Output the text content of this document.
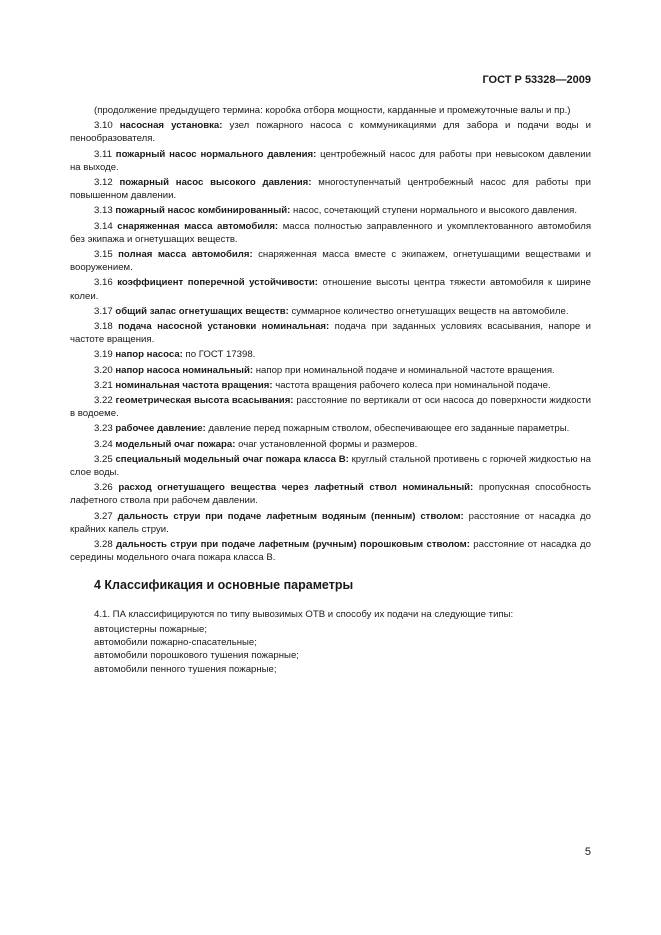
ГОСТ Р 53328—2009

(продолжение предыдущего термина: коробка отбора мощности, карданные и промежуточные валы и пр.)

3.10 насосная установка: узел пожарного насоса с коммуникациями для забора и подачи воды и пенообразователя.

3.11 пожарный насос нормального давления: центробежный насос для работы при невысоком давлении на выходе.

3.12 пожарный насос высокого давления: многоступенчатый центробежный насос для работы при повышенном давлении.

3.13 пожарный насос комбинированный: насос, сочетающий ступени нормального и высокого давления.

3.14 снаряженная масса автомобиля: масса полностью заправленного и укомплектованного автомобиля без экипажа и огнетушащих веществ.

3.15 полная масса автомобиля: снаряженная масса вместе с экипажем, огнетушащими веществами и вооружением.

3.16 коэффициент поперечной устойчивости: отношение высоты центра тяжести автомобиля к ширине колеи.

3.17 общий запас огнетушащих веществ: суммарное количество огнетушащих веществ на автомобиле.

3.18 подача насосной установки номинальная: подача при заданных условиях всасывания, напоре и частоте вращения.

3.19 напор насоса: по ГОСТ 17398.

3.20 напор насоса номинальный: напор при номинальной подаче и номинальной частоте вращения.

3.21 номинальная частота вращения: частота вращения рабочего колеса при номинальной подаче.

3.22 геометрическая высота всасывания: расстояние по вертикали от оси насоса до поверхности жидкости в водоеме.

3.23 рабочее давление: давление перед пожарным стволом, обеспечивающее его заданные параметры.

3.24 модельный очаг пожара: очаг установленной формы и размеров.

3.25 специальный модельный очаг пожара класса В: круглый стальной противень с горючей жидкостью на слое воды.

3.26 расход огнетушащего вещества через лафетный ствол номинальный: пропускная способность лафетного ствола при рабочем давлении.

3.27 дальность струи при подаче лафетным водяным (пенным) стволом: расстояние от насадка до крайних капель струи.

3.28 дальность струи при подаче лафетным (ручным) порошковым стволом: расстояние от насадка до середины модельного очага пожара класса В.

4 Классификация и основные параметры

4.1. ПА классифицируются по типу вывозимых ОТВ и способу их подачи на следующие типы:

автоцистерны пожарные;
автомобили пожарно-спасательные;
автомобили порошкового тушения пожарные;
автомобили пенного тушения пожарные;
5
